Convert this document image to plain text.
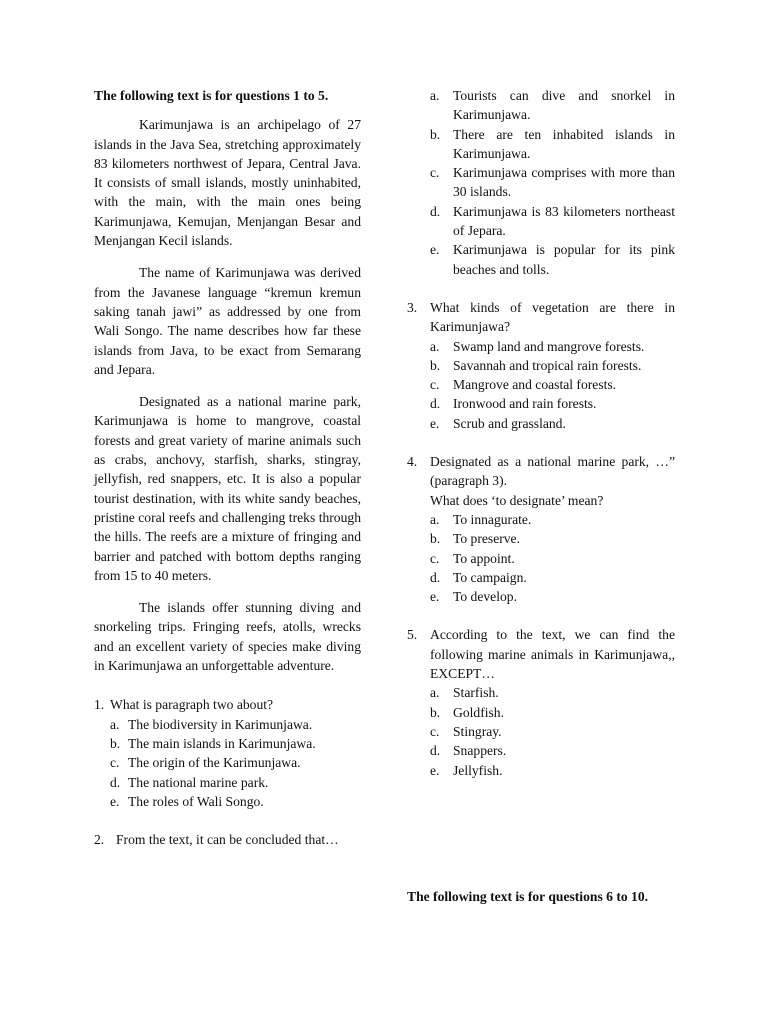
The following text is for questions 1 to 5.

Karimunjawa is an archipelago of 27 islands in the Java Sea, stretching approximately 83 kilometers northwest of Jepara, Central Java. It consists of small islands, mostly uninhabited, with the main, with the main ones being Karimunjawa, Kemujan, Menjangan Besar and Menjangan Kecil islands.

The name of Karimunjawa was derived from the Javanese language “kremun kremun saking tanah jawi” as addressed by one from Wali Songo. The name describes how far these islands from Java, to be exact from Semarang and Jepara.

Designated as a national marine park, Karimunjawa is home to mangrove, coastal forests and great variety of marine animals such as crabs, anchovy, starfish, sharks, stingray, jellyfish, red snappers, etc. It is also a popular tourist destination, with its white sandy beaches, pristine coral reefs and challenging treks through the hills. The reefs are a mixture of fringing and barrier and patched with bottom depths ranging from 15 to 40 meters.

The islands offer stunning diving and snorkeling trips. Fringing reefs, atolls, wrecks and an excellent variety of species make diving in Karimunjawa an unforgettable adventure.

1. What is paragraph two about?
a. The biodiversity in Karimunjawa.
b. The main islands in Karimunjawa.
c. The origin of the Karimunjawa.
d. The national marine park.
e. The roles of Wali Songo.
2. From the text, it can be concluded that…
a. Tourists can dive and snorkel in Karimunjawa.
b. There are ten inhabited islands in Karimunjawa.
c. Karimunjawa comprises with more than 30 islands.
d. Karimunjawa is 83 kilometers northeast of Jepara.
e. Karimunjawa is popular for its pink beaches and tolls.
3. What kinds of vegetation are there in Karimunjawa?
a. Swamp land and mangrove forests.
b. Savannah and tropical rain forests.
c. Mangrove and coastal forests.
d. Ironwood and rain forests.
e. Scrub and grassland.
4. Designated as a national marine park, …” (paragraph 3).
What does ‘to designate’ mean?
a. To innagurate.
b. To preserve.
c. To appoint.
d. To campaign.
e. To develop.
5. According to the text, we can find the following marine animals in Karimunjawa,, EXCEPT…
a. Starfish.
b. Goldfish.
c. Stingray.
d. Snappers.
e. Jellyfish.
The following text is for questions 6 to 10.
